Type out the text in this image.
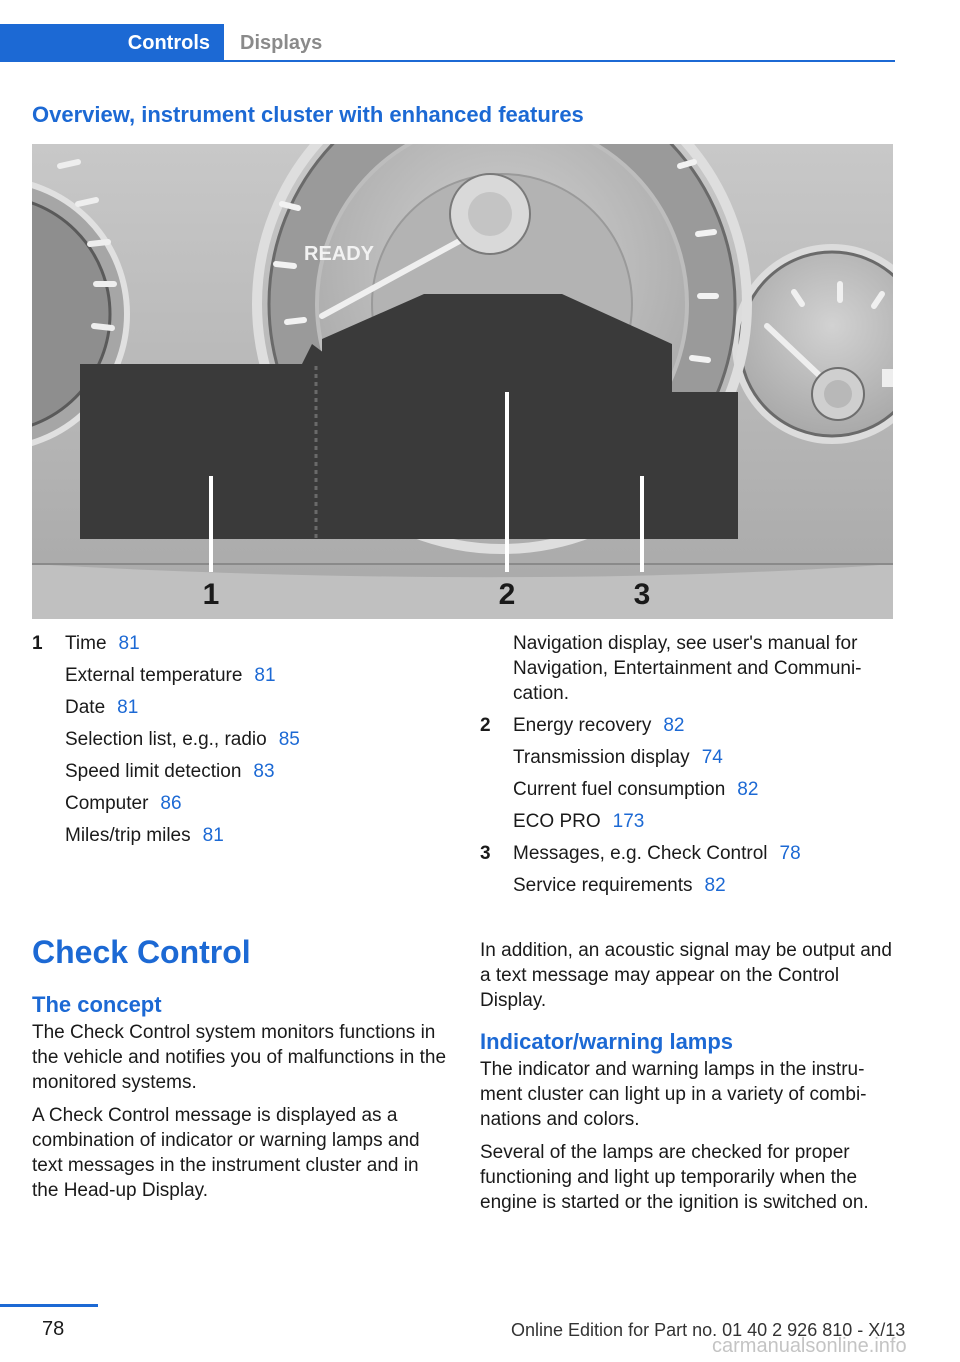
Controls	Displays
Overview, instrument cluster with enhanced features
READY
1	2	3
1 Time 81
External temperature 81
Date 81
Selection list, e.g., radio 85
Speed limit detection 83
Computer 86
Miles/trip miles 81
Navigation display, see user's manual for Navigation, Entertainment and Communi-cation.
2 Energy recovery 82
Transmission display 74
Current fuel consumption 82
ECO PRO 173
3 Messages, e.g. Check Control 78
Service requirements 82
Check Control
The concept

The Check Control system monitors functions in the vehicle and notifies you of malfunctions in the monitored systems.

A Check Control message is displayed as a combination of indicator or warning lamps and text messages in the instrument cluster and in the Head-up Display.

In addition, an acoustic signal may be output and a text message may appear on the Control Display.

Indicator/warning lamps

The indicator and warning lamps in the instru-ment cluster can light up in a variety of combi-nations and colors.

Several of the lamps are checked for proper functioning and light up temporarily when the engine is started or the ignition is switched on.

78	Online Edition for Part no. 01 40 2 926 810 - X/13
carmanualsonline.info
